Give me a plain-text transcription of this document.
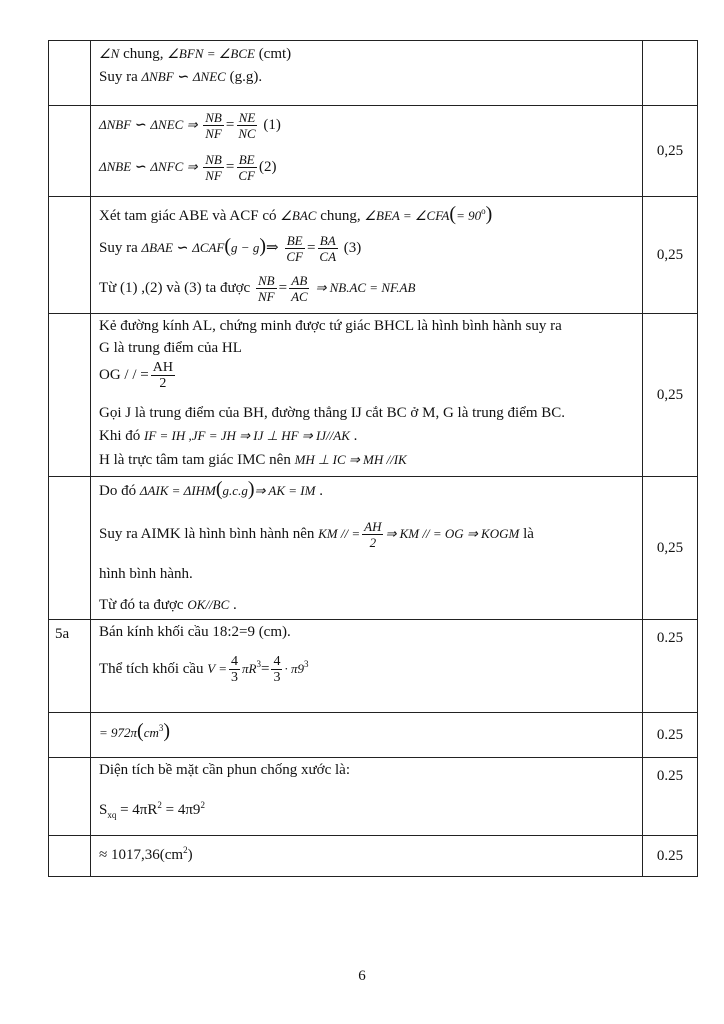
∠N chung, ∠BFN = ∠BCE (cmt)
Suy ra ΔNBF ∽ ΔNEC (g.g).
ΔNBF ∽ ΔNEC ⇒ $\frac{NB}{NF} = \frac{NE}{NC} (1)$
ΔNBE ∽ ΔNFC ⇒ $\frac{NB}{NF} = \frac{BE}{CF} (2)$
0,25
Xét tam giác ABE và ACF có ∠BAC chung, ∠BEA = ∠CFA(= $90^o$)
Suy ra ΔBAE ∽ ΔCAF(g − g)⇒ $\frac{BE}{CF} = \frac{BA}{CA} (3)$
Từ (1) ,(2) và (3) ta được $\frac{NB}{NF} = \frac{AB}{AC}$ ⇒ NB.AC = NF.AB
0,25
Kẻ đường kính AL, chứng minh được tứ giác BHCL là hình bình hành suy ra
G là trung điểm của HL
OG / / = $\frac{AH}{2}$
Gọi J là trung điểm của BH, đường thẳng IJ cắt BC ở M, G là trung điểm BC.
Khi đó IF = IH ,JF = JH ⇒ IJ ⊥ HF ⇒ IJ//AK .
H là trực tâm tam giác IMC nên MH ⊥ IC ⇒ MH //IK
0,25
Do đó ΔAIK = ΔIHM(g.c.g)⇒ AK = IM .
Suy ra AIMK là hình bình hành nên KM // = $\frac{AH}{2}$ ⇒ KM // = OG ⇒ KOGM là
hình bình hành.
Từ đó ta được OK//BC .
0,25
5a	Bán kính khối cầu 18:2=9 (cm).
Thể tích khối cầu $V = \frac{4}{3} \pi R^3= \frac{4}{3} \cdot \pi 9^3$
0.25
= $972\pi(cm^3)$	0.25
Diện tích bề mặt cần phun chống xước là:
$S_{xq} = 4\pi R^2 = 4\pi 9^2$
0.25
≈ $1017,36(cm^2)$	0.25
6
